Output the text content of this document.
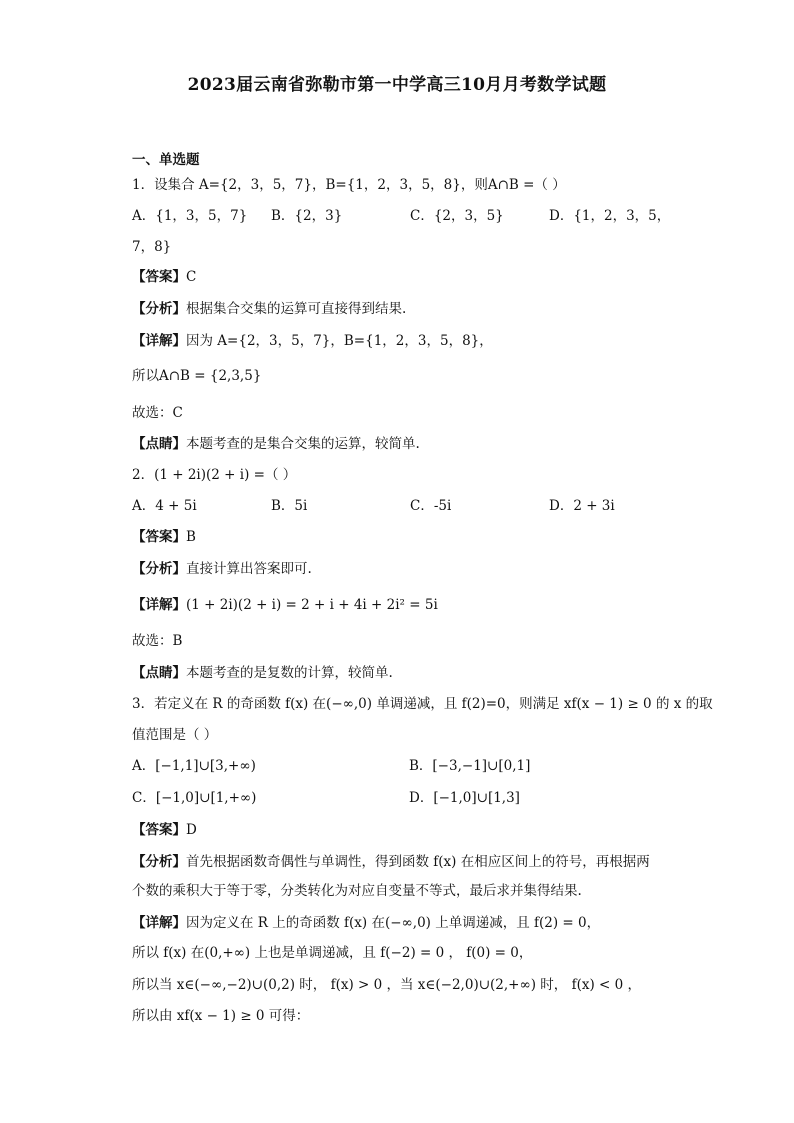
2023届云南省弥勒市第一中学高三10月月考数学试题
一、单选题
1．设集合 A={2，3，5，7}，B={1，2，3，5，8}，则A∩B =（ ）
A．{1，3，5，7} B．{2，3}	C．{2，3，5}	D．{1，2，3，5，
7，8}
【答案】C
【分析】根据集合交集的运算可直接得到结果.
【详解】因为 A={2，3，5，7}，B={1，2，3，5，8}，
所以A∩B = {2,3,5}
故选：C
【点睛】本题考查的是集合交集的运算，较简单.
2．(1 + 2i)(2 + i) =（ ）
A．4 + 5i	B．5i	C．-5i	D．2 + 3i
【答案】B
【分析】直接计算出答案即可.
【详解】(1 + 2i)(2 + i) = 2 + i + 4i + 2i² = 5i
故选：B
【点睛】本题考查的是复数的计算，较简单.
3．若定义在 R 的奇函数 f(x) 在(−∞,0) 单调递减，且 f(2)=0，则满足 xf(x − 1) ≥ 0 的 x 的取
值范围是（ ）
A．[−1,1]∪[3,+∞)	B．[−3,−1]∪[0,1]
C．[−1,0]∪[1,+∞)	D．[−1,0]∪[1,3]
【答案】D
【分析】首先根据函数奇偶性与单调性，得到函数 f(x) 在相应区间上的符号，再根据两
个数的乘积大于等于零，分类转化为对应自变量不等式，最后求并集得结果.
【详解】因为定义在 R 上的奇函数 f(x) 在(−∞,0) 上单调递减，且 f(2) = 0，
所以 f(x) 在(0,+∞) 上也是单调递减，且 f(−2) = 0 ， f(0) = 0，
所以当 x∈(−∞,−2)∪(0,2) 时， f(x) > 0 ，当 x∈(−2,0)∪(2,+∞) 时， f(x) < 0 ，
所以由 xf(x − 1) ≥ 0 可得：
